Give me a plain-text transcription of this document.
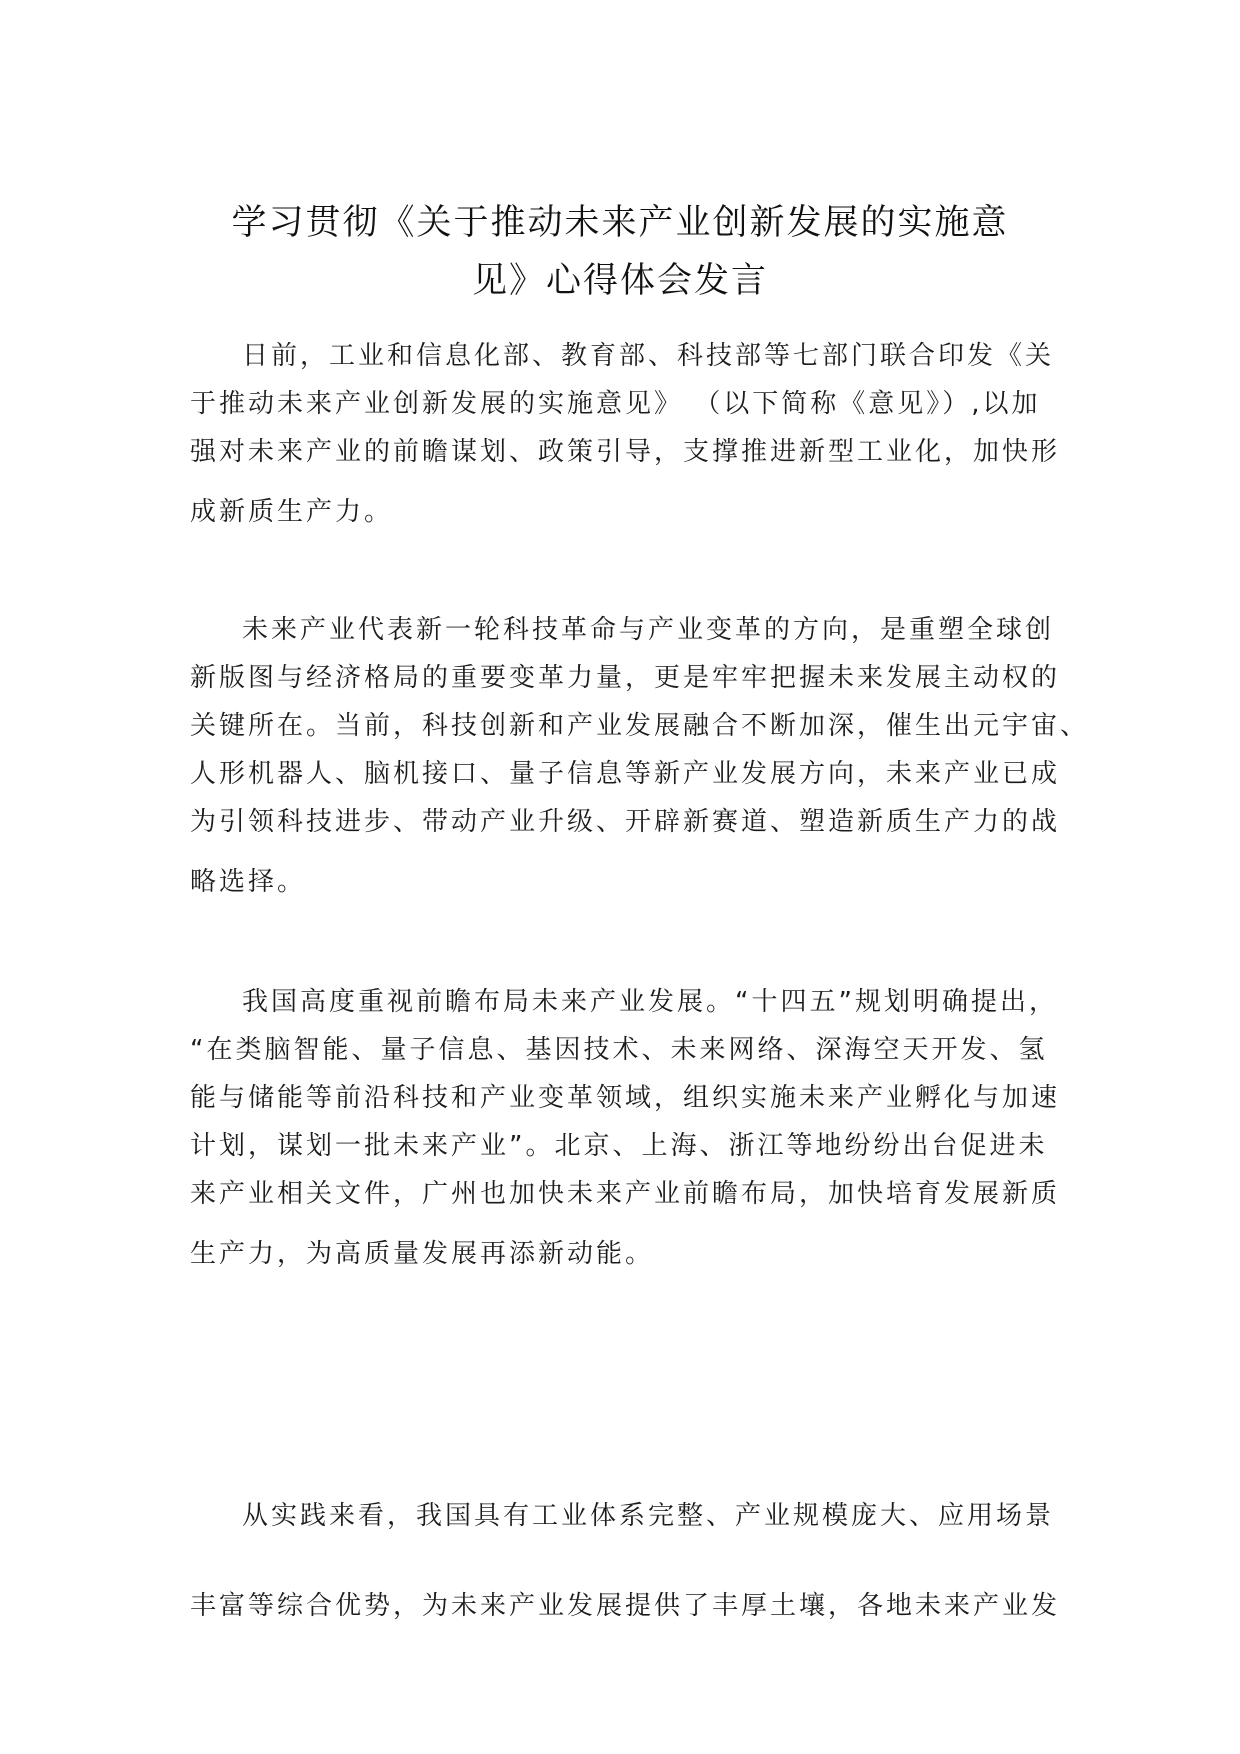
学习贯彻《关于推动未来产业创新发展的实施意
见》心得体会发言
日前，工业和信息化部、教育部、科技部等七部门联合印发《关
于推动未来产业创新发展的实施意见》 （以下简称《意见》）,以加
强对未来产业的前瞻谋划、政策引导，支撑推进新型工业化，加快形
成新质生产力。
未来产业代表新一轮科技革命与产业变革的方向，是重塑全球创
新版图与经济格局的重要变革力量，更是牢牢把握未来发展主动权的
关键所在。当前，科技创新和产业发展融合不断加深，催生出元宇宙、
人形机器人、脑机接口、量子信息等新产业发展方向，未来产业已成
为引领科技进步、带动产业升级、开辟新赛道、塑造新质生产力的战
略选择。
我国高度重视前瞻布局未来产业发展。“十四五”规划明确提出，
“在类脑智能、量子信息、基因技术、未来网络、深海空天开发、氢
能与储能等前沿科技和产业变革领域，组织实施未来产业孵化与加速
计划，谋划一批未来产业”。北京、上海、浙江等地纷纷出台促进未
来产业相关文件，广州也加快未来产业前瞻布局，加快培育发展新质
生产力，为高质量发展再添新动能。
从实践来看，我国具有工业体系完整、产业规模庞大、应用场景
丰富等综合优势，为未来产业发展提供了丰厚土壤，各地未来产业发
